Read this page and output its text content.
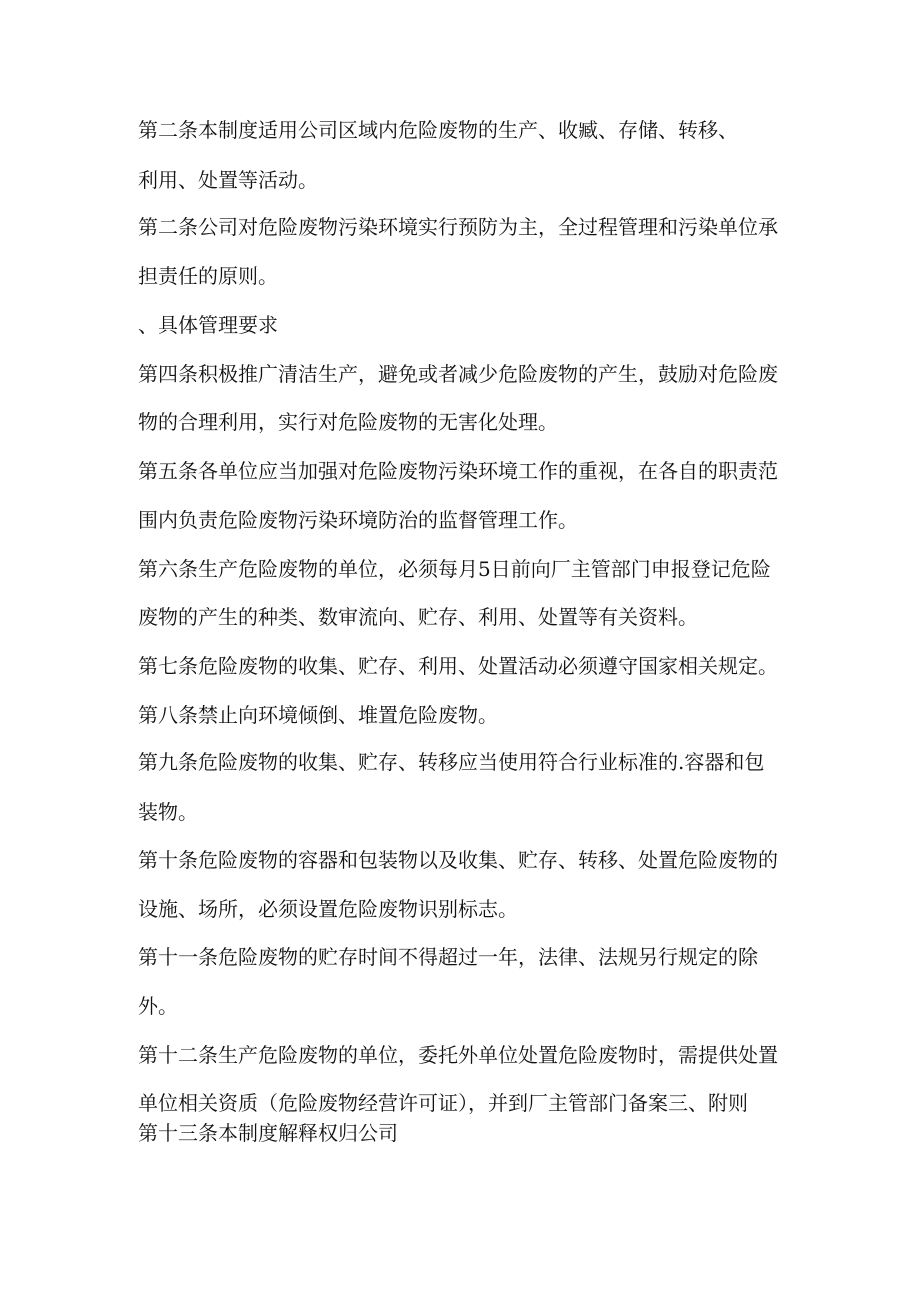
第二条本制度适用公司区域内危险废物的生产、收臧、存储、转移、
利用、处置等活动。
第二条公司对危险废物污染环境实行预防为主，全过程管理和污染单位承
担责任的原则。
、具体管理要求
第四条积极推广清洁生产，避免或者减少危险废物的产生，鼓励对危险废
物的合理利用，实行对危险废物的无害化处理。
第五条各单位应当加强对危险废物污染环境工作的重视，在各自的职责范
围内负责危险废物污染环境防治的监督管理工作。
第六条生产危险废物的单位，必须每月5日前向厂主管部门申报登记危险
废物的产生的种类、数审流向、贮存、利用、处置等有关资料。
第七条危险废物的收集、贮存、利用、处置活动必须遵守国家相关规定。
第八条禁止向环境倾倒、堆置危险废物。
第九条危险废物的收集、贮存、转移应当使用符合行业标准的.容器和包
装物。
第十条危险废物的容器和包装物以及收集、贮存、转移、处置危险废物的
设施、场所，必须设置危险废物识别标志。
第十一条危险废物的贮存时间不得超过一年，法律、法规另行规定的除
外。
第十二条生产危险废物的单位，委托外单位处置危险废物时，需提供处置
单位相关资质（危险废物经营许可证），并到厂主管部门备案三、附则
第十三条本制度解释权归公司
